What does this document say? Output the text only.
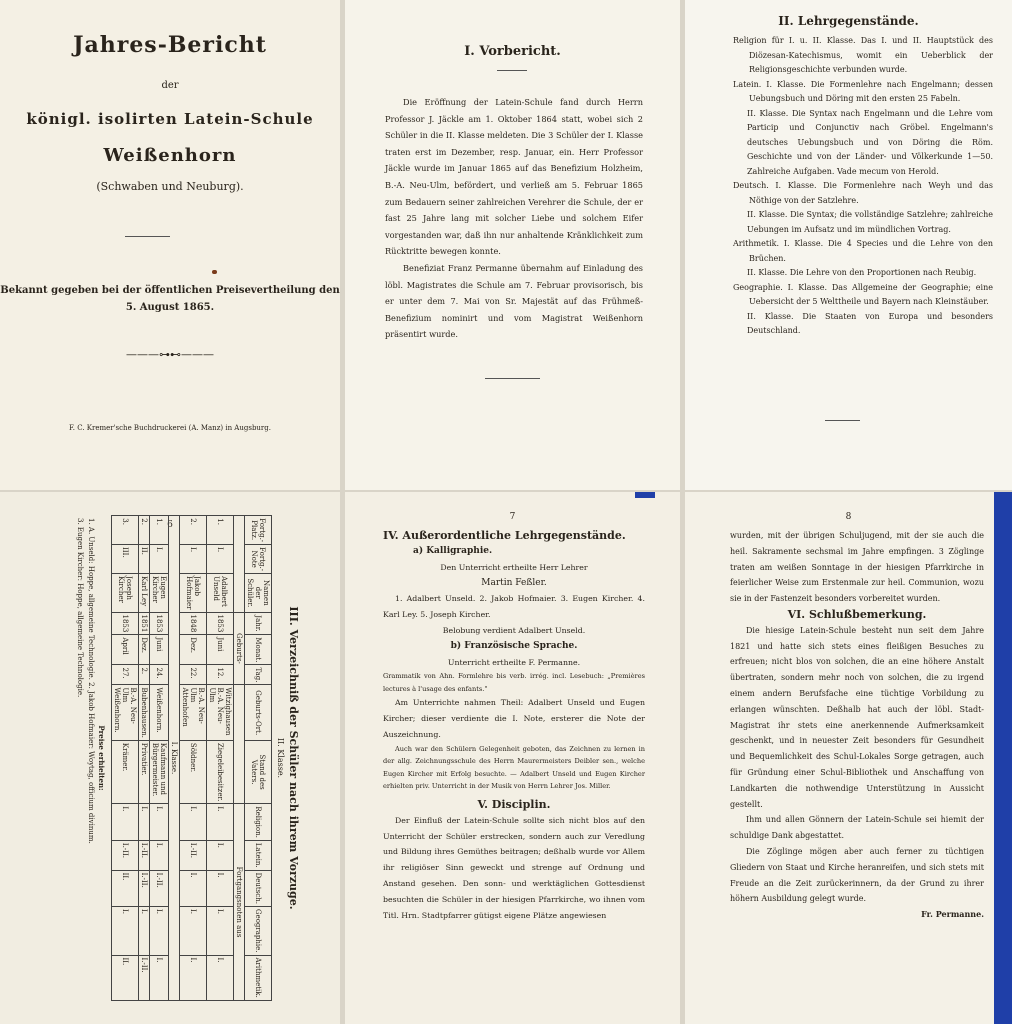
Jahres-Bericht
der
königl. isolirten Latein-Schule
Weißenhorn
(Schwaben und Neuburg).
Bekannt gegeben bei der öffentlichen Preisevertheilung den 5. August 1865.
———⊶⊷———
F. C. Kremer'sche Buchdruckerei (A. Manz) in Augsburg.
I. Vorbericht.

Die Eröffnung der Latein-Schule fand durch Herrn Professor J. Jäckle am 1. Oktober 1864 statt, wobei sich 2 Schüler in die II. Klasse meldeten. Die 3 Schüler der I. Klasse traten erst im Dezember, resp. Januar, ein. Herr Professor Jäckle wurde im Januar 1865 auf das Benefizium Holzheim, B.-A. Neu-Ulm, befördert, und verließ am 5. Februar 1865 zum Bedauern seiner zahlreichen Verehrer die Schule, der er fast 25 Jahre lang mit solcher Liebe und solchem Eifer vorgestanden war, daß ihn nur anhaltende Kränklichkeit zum Rücktritte bewegen konnte.

Benefiziat Franz Permanne übernahm auf Einladung des löbl. Magistrates die Schule am 7. Februar provisorisch, bis er unter dem 7. Mai von Sr. Majestät auf das Frühmeß-Benefizium nominirt und vom Magistrat Weißenhorn präsentirt wurde.

II. Lehrgegenstände.

Religion für I. u. II. Klasse. Das I. und II. Hauptstück des Diözesan-Katechismus, womit ein Ueberblick der Religionsgeschichte verbunden wurde.

Latein. I. Klasse. Die Formenlehre nach Engelmann; dessen Uebungsbuch und Döring mit den ersten 25 Fabeln.

II. Klasse. Die Syntax nach Engelmann und die Lehre vom Particip und Conjunctiv nach Gröbel. Engelmann's deutsches Uebungsbuch und von Döring die Röm. Geschichte und von der Länder- und Völkerkunde 1—50. Zahlreiche Aufgaben. Vade mecum von Herold.

Deutsch. I. Klasse. Die Formenlehre nach Weyh und das Nöthige von der Satzlehre.

II. Klasse. Die Syntax; die vollständige Satzlehre; zahlreiche Uebungen im Aufsatz und im mündlichen Vortrag.

Arithmetik. I. Klasse. Die 4 Species und die Lehre von den Brüchen.

II. Klasse. Die Lehre von den Proportionen nach Reubig.

Geographie. I. Klasse. Das Allgemeine der Geographie; eine Uebersicht der 5 Welttheile und Bayern nach Kleinstäuber.

II. Klasse. Die Staaten von Europa und besonders Deutschland.

6
III. Verzeichniß der Schüler nach ihrem Vorzuge.
II. Klasse.
Fortg.-Platz.	Fortg.-Note	Namen der Schüler.	Jahr.	Monat.	Tag.	Geburts-Ort.	Stand des Vaters.	Religion.	Latein.	Deutsch.	Geographie.	Arithmetik.
			Geburts-					Fortgangsnoten aus				
1.	I.	Adalbert Unseld	1853	Juni	12.	Witzighausen B.-A. Neu-Ulm	Ziegeleibesitzer.	I.	I.	I.	I.	I.
2.	I.	Jakob Hofmaier	1848	Dez.	22.	B.-A. Neu-Ulm Attenhofen	Söldner.	I.	I.-II.	I.	I.	I.
I. Klasse.												
1.	I.	Eugen Kircher	1853	Juni	24.	Weißenhorn.	Kaufmann und Bürgermeister.	I.	I.	I.-II.	I.	I.
2.	II.	Karl Ley	1851	Dez.	2.	Bubenhausen.	Privatier.	I.	I.-II.	I.-II.	I.	I.-II.
3.	III.	Joseph Kircher	1853	April	27.	B.-A. Neu-Ulm Weißenhorn.	Krämer.	I.	I.-II.	II.	I.	II.
Preise erhielten:
1. A. Unseld: Hoppe, allgemeine Technologie. 2. Jakob Hofmaier: Woytag, officium divinum.
3. Eugen Kircher: Hoppe, allgemeine Technologie.
7

IV. Außerordentliche Lehrgegenstände.

a) Kalligraphie.

Den Unterricht ertheilte Herr Lehrer

Martin Feßler.

1. Adalbert Unseld. 2. Jakob Hofmaier. 3. Eugen Kircher. 4. Karl Ley. 5. Joseph Kircher.

Belobung verdient Adalbert Unseld.

b) Französische Sprache.

Unterricht ertheilte F. Permanne.

Grammatik von Ahn. Formlehre bis verb. irrég. incl. Lesebuch: „Premières lectures à l'usage des enfants."

Am Unterrichte nahmen Theil: Adalbert Unseld und Eugen Kircher; dieser verdiente die I. Note, ersterer die Note der Auszeichnung.

Auch war den Schülern Gelegenheit geboten, das Zeichnen zu lernen in der allg. Zeichnungsschule des Herrn Maurermeisters Deibler sen., welche Eugen Kircher mit Erfolg besuchte. — Adalbert Unseld und Eugen Kircher erhielten priv. Unterricht in der Musik von Herrn Lehrer Jos. Miller.

V. Disciplin.

Der Einfluß der Latein-Schule sollte sich nicht blos auf den Unterricht der Schüler erstrecken, sondern auch zur Veredlung und Bildung ihres Gemüthes beitragen; deßhalb wurde vor Allem ihr religiöser Sinn geweckt und strenge auf Ordnung und Anstand gesehen. Den sonn- und werktäglichen Gottesdienst besuchten die Schüler in der hiesigen Pfarrkirche, wo ihnen vom Titl. Hrn. Stadtpfarrer gütigst eigene Plätze angewiesen

8

wurden, mit der übrigen Schuljugend, mit der sie auch die heil. Sakramente sechsmal im Jahre empfingen. 3 Zöglinge traten am weißen Sonntage in der hiesigen Pfarrkirche in feierlicher Weise zum Erstenmale zur heil. Communion, wozu sie in der Fastenzeit besonders vorbereitet wurden.

VI. Schlußbemerkung.

Die hiesige Latein-Schule besteht nun seit dem Jahre 1821 und hatte sich stets eines fleißigen Besuches zu erfreuen; nicht blos von solchen, die an eine höhere Anstalt übertraten, sondern mehr noch von solchen, die zu irgend einem andern Berufsfache eine tüchtige Vorbildung zu erlangen wünschten. Deßhalb hat auch der löbl. Stadt-Magistrat ihr stets eine anerkennende Aufmerksamkeit geschenkt, und in neuester Zeit besonders für Gesundheit und Bequemlichkeit des Schul-Lokales Sorge getragen, auch für Gründung einer Schul-Bibliothek und Anschaffung von Landkarten die nothwendige Unterstützung in Aussicht gestellt.

Ihm und allen Gönnern der Latein-Schule sei hiemit der schuldige Dank abgestattet.

Die Zöglinge mögen aber auch ferner zu tüchtigen Gliedern von Staat und Kirche heranreifen, und sich stets mit Freude an die Zeit zurückerinnern, da der Grund zu ihrer höhern Ausbildung gelegt wurde.

Fr. Permanne.
